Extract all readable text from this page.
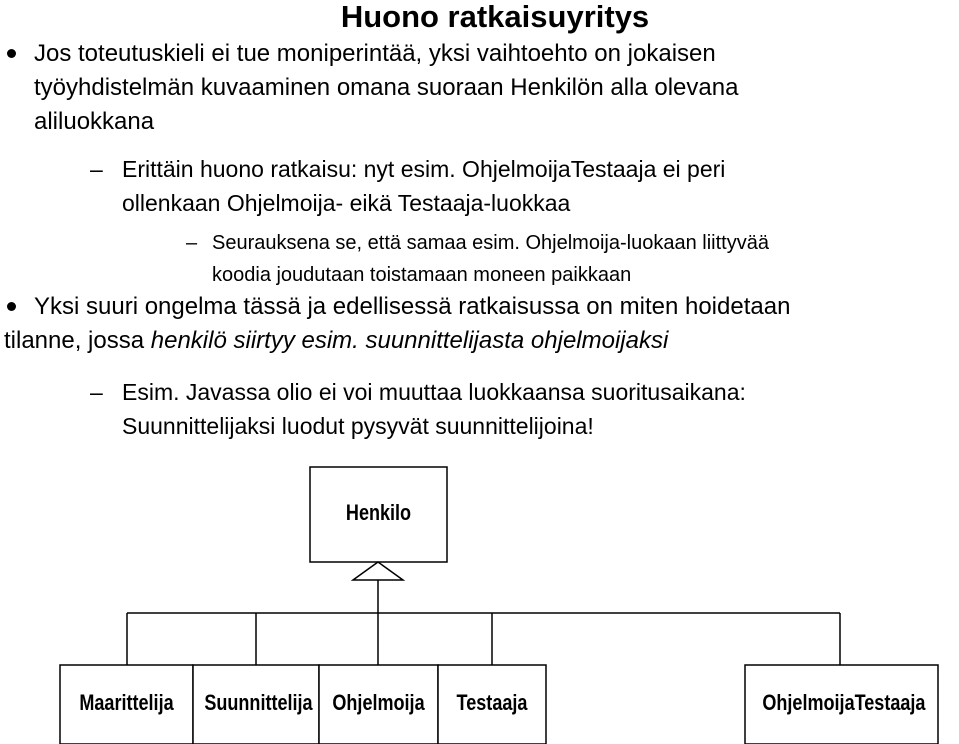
Huono ratkaisuyritys
Jos toteutuskieli ei tue moniperintää, yksi vaihtoehto on jokaisen
työyhdistelmän kuvaaminen omana suoraan Henkilön alla olevana
aliluokkana
– Erittäin huono ratkaisu: nyt esim. OhjelmoijaTestaaja ei peri
ollenkaan Ohjelmoija- eikä Testaaja-luokkaa
– Seurauksena se, että samaa esim. Ohjelmoija-luokaan liittyvää
koodia joudutaan toistamaan moneen paikkaan
Yksi suuri ongelma tässä ja edellisessä ratkaisussa on miten hoidetaan
tilanne, jossa henkilö siirtyy esim. suunnittelijasta ohjelmoijaksi
– Esim. Javassa olio ei voi muuttaa luokkaansa suoritusaikana:
Suunnittelijaksi luodut pysyvät suunnittelijoina!
Henkilo
Maarittelija	Suunnittelija Ohjelmoija	Testaaja	OhjelmoijaTestaaja
